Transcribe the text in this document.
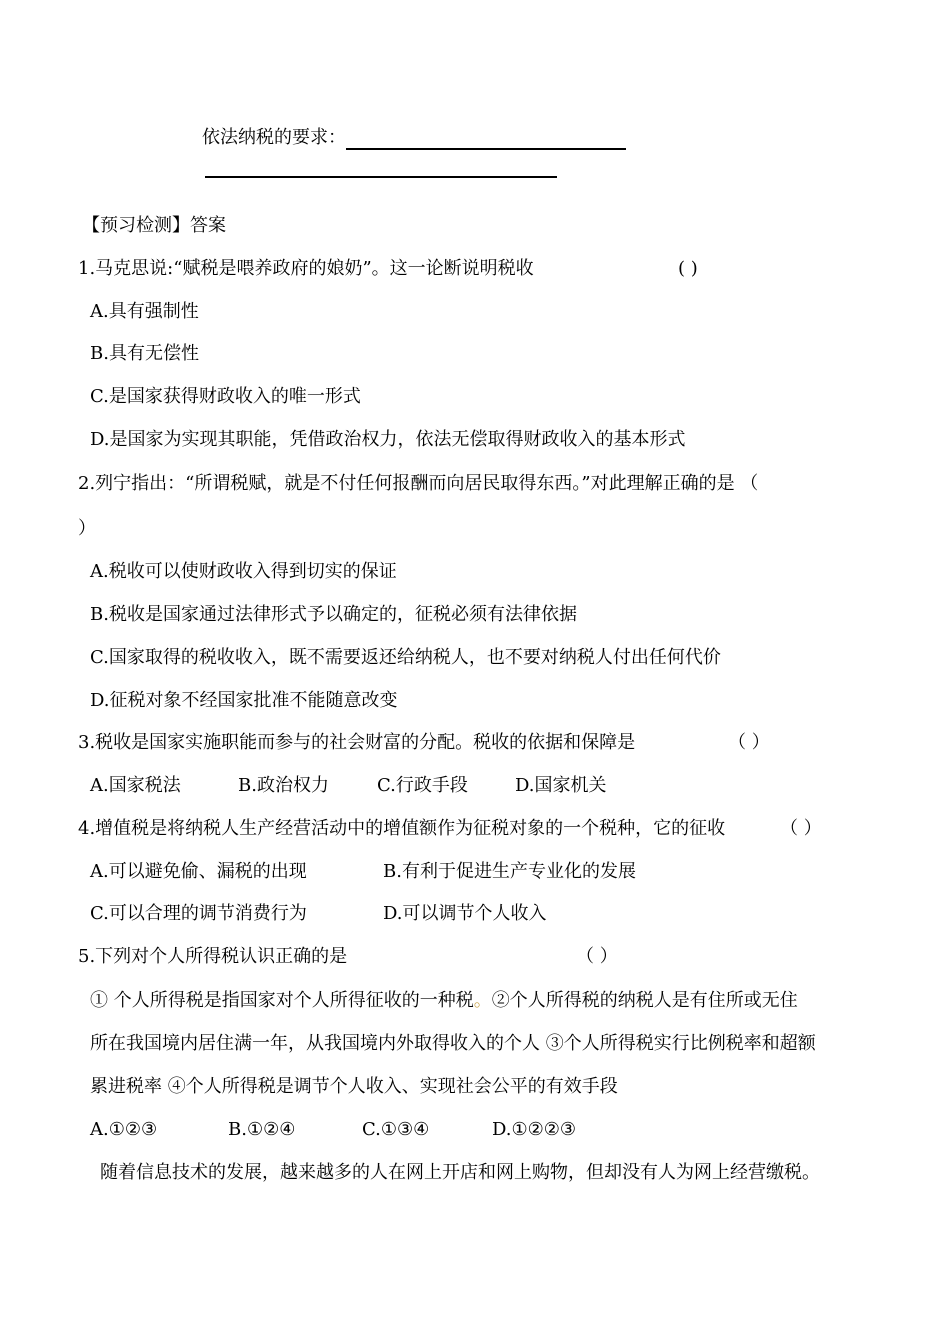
依法纳税的要求：
【预习检测】答案
1.马克思说:“赋税是喂养政府的娘奶”。这一论断说明税收	( )
A.具有强制性
B.具有无偿性
C.是国家获得财政收入的唯一形式
D.是国家为实现其职能，凭借政治权力，依法无偿取得财政收入的基本形式
2.列宁指出：“所谓税赋，就是不付任何报酬而向居民取得东西。”对此理解正确的是 （
）
A.税收可以使财政收入得到切实的保证
B.税收是国家通过法律形式予以确定的，征税必须有法律依据
C.国家取得的税收收入，既不需要返还给纳税人，也不要对纳税人付出任何代价
D.征税对象不经国家批准不能随意改变
3.税收是国家实施职能而参与的社会财富的分配。税收的依据和保障是	（ ）
A.国家税法	B.政治权力	C.行政手段	D.国家机关
4.增值税是将纳税人生产经营活动中的增值额作为征税对象的一个税种，它的征收	（ ）
A.可以避免偷、漏税的出现	B.有利于促进生产专业化的发展
C.可以合理的调节消费行为	D.可以调节个人收入
5.下列对个人所得税认识正确的是	（ ）
① 个人所得税是指国家对个人所得征收的一种税。②个人所得税的纳税人是有住所或无住
所在我国境内居住满一年，从我国境内外取得收入的个人 ③个人所得税实行比例税率和超额
累进税率 ④个人所得税是调节个人收入、实现社会公平的有效手段
A.①②③	B.①②④	C.①③④	D.①②②③
随着信息技术的发展，越来越多的人在网上开店和网上购物，但却没有人为网上经营缴税。
